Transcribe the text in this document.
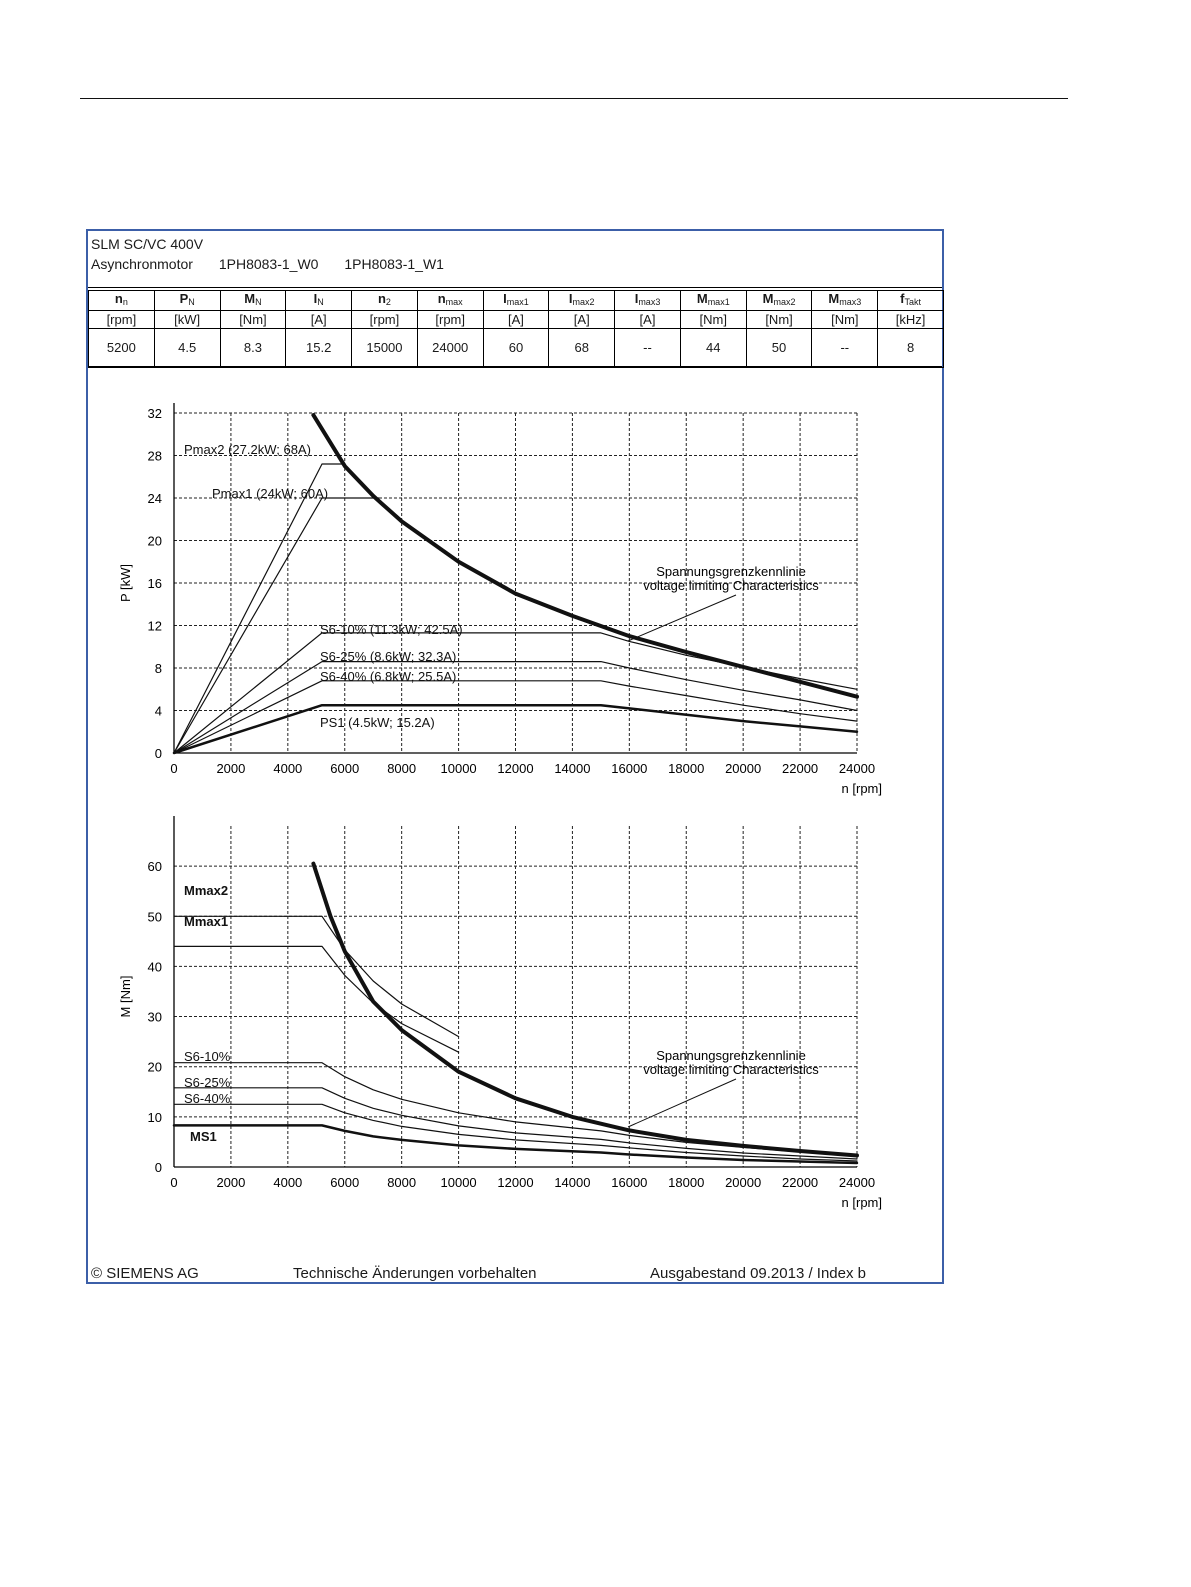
SLM SC/VC 400V
Asynchronmotor 1PH8083-1_W0 1PH8083-1_W1
$n_n$	$P_N$	$M_N$	$I_N$	$n_2$	$n_{max}$	$I_{max1}$	$I_{max2}$	$I_{max3}$	$M_{max1}$	$M_{max2}$	$M_{max3}$	$f_{Takt}$
[rpm]	[kW]	[Nm]	[A]	[rpm]	[rpm]	[A]	[A]	[A]	[Nm]	[Nm]	[Nm]	[kHz]
5200	4.5	8.3	15.2	15000	24000	60	68	--	44	50	--	8
0	2000 4000 6000 8000 10000 12000 14000 16000 18000 20000 22000 24000
0
4
8
12
16
20
24
28
32
P [kW]
n [rpm]
Pmax2 (27.2kW; 68A)
Pmax1 (24kW; 60A)
S6-10% (11.3kW; 42.5A)
S6-25% (8.6kW; 32.3A)
S6-40% (6.8kW; 25.5A)
PS1 (4.5kW; 15.2A)
Spannungsgrenzkennlinie
voltage limiting Characteristics
0	2000 4000 6000 8000 10000 12000 14000 16000 18000 20000 22000 24000
0
10
20
30
40
50
60
M [Nm]
n [rpm]
Mmax2
Mmax1
S6-10%
S6-25%
S6-40%
MS1
Spannungsgrenzkennlinie
voltage limiting Characteristics
© SIEMENS AG	Technische Änderungen vorbehalten	Ausgabestand 09.2013 / Index b
